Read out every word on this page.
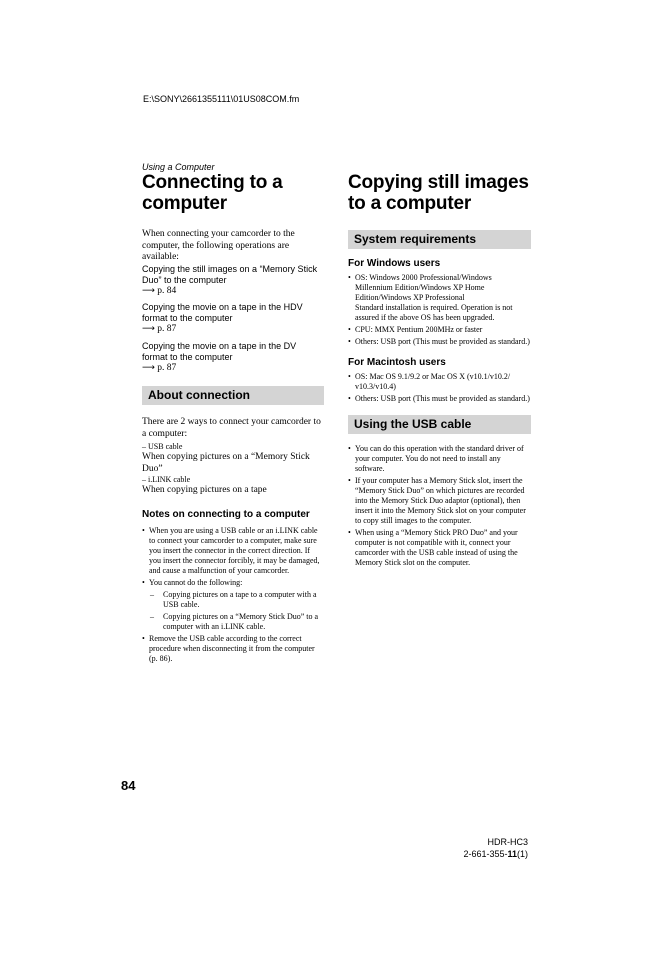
E:\SONY\2661355111\01US08COM.fm

Using a Computer

Connecting to a
computer
When connecting your camcorder to the computer, the following operations are available:
Copying the still images on a “Memory Stick Duo” to the computer
⟶ p. 84
Copying the movie on a tape in the HDV format to the computer
⟶ p. 87
Copying the movie on a tape in the DV format to the computer
⟶ p. 87
About connection
There are 2 ways to connect your camcorder to a computer:
– USB cable
When copying pictures on a “Memory Stick Duo”
– i.LINK cable
When copying pictures on a tape
Notes on connecting to a computer
• When you are using a USB cable or an i.LINK cable to connect your camcorder to a computer, make sure you insert the connector in the correct direction. If you insert the connector forcibly, it may be damaged, and cause a malfunction of your camcorder.
• You cannot do the following:
– Copying pictures on a tape to a computer with a USB cable.
– Copying pictures on a “Memory Stick Duo” to a computer with an i.LINK cable.
• Remove the USB cable according to the correct procedure when disconnecting it from the computer (p. 86).
Copying still images
to a computer
System requirements
For Windows users
• OS: Windows 2000 Professional/Windows Millennium Edition/Windows XP Home Edition/Windows XP Professional
Standard installation is required. Operation is not assured if the above OS has been upgraded.
• CPU: MMX Pentium 200MHz or faster
• Others: USB port (This must be provided as standard.)
For Macintosh users
• OS: Mac OS 9.1/9.2 or Mac OS X (v10.1/v10.2/ v10.3/v10.4)
• Others: USB port (This must be provided as standard.)
Using the USB cable
• You can do this operation with the standard driver of your computer. You do not need to install any software.
• If your computer has a Memory Stick slot, insert the “Memory Stick Duo” on which pictures are recorded into the Memory Stick Duo adaptor (optional), then insert it into the Memory Stick slot on your computer to copy still images to the computer.
• When using a “Memory Stick PRO Duo” and your computer is not compatible with it, connect your camcorder with the USB cable instead of using the Memory Stick slot on the computer.
84
HDR-HC3
2-661-355-11(1)
